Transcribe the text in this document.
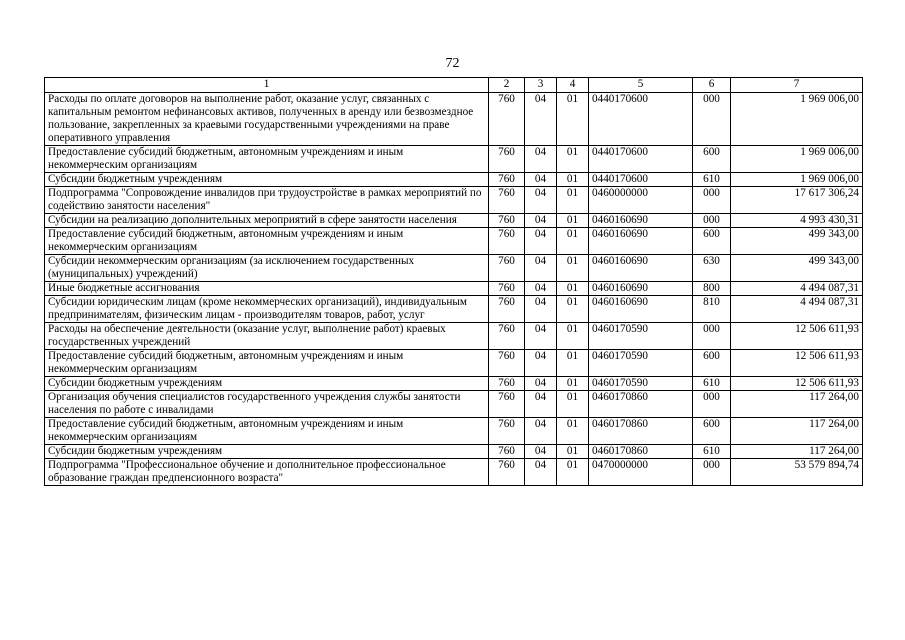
72
1	2	3	4	5	6	7
Расходы по оплате договоров на выполнение работ, оказание услуг, связанных с капитальным ремонтом нефинансовых активов, полученных в аренду или безвозмездное пользование, закрепленных за краевыми государственными учреждениями на праве оперативного управления	760	04	01	0440170600	000	1 969 006,00
Предоставление субсидий бюджетным, автономным учреждениям и иным некоммерческим организациям	760	04	01	0440170600	600	1 969 006,00
Субсидии бюджетным учреждениям	760	04	01	0440170600	610	1 969 006,00
Подпрограмма "Сопровождение инвалидов при трудоустройстве в рамках мероприятий по содействию занятости населения"	760	04	01	0460000000	000	17 617 306,24
Субсидии на реализацию дополнительных мероприятий в сфере занятости населения	760	04	01	0460160690	000	4 993 430,31
Предоставление субсидий бюджетным, автономным учреждениям и иным некоммерческим организациям	760	04	01	0460160690	600	499 343,00
Субсидии некоммерческим организациям (за исключением государственных (муниципальных) учреждений)	760	04	01	0460160690	630	499 343,00
Иные бюджетные ассигнования	760	04	01	0460160690	800	4 494 087,31
Субсидии юридическим лицам (кроме некоммерческих организаций), индивидуальным предпринимателям, физическим лицам - производителям товаров, работ, услуг	760	04	01	0460160690	810	4 494 087,31
Расходы на обеспечение деятельности (оказание услуг, выполнение работ) краевых государственных учреждений	760	04	01	0460170590	000	12 506 611,93
Предоставление субсидий бюджетным, автономным учреждениям и иным некоммерческим организациям	760	04	01	0460170590	600	12 506 611,93
Субсидии бюджетным учреждениям	760	04	01	0460170590	610	12 506 611,93
Организация обучения специалистов государственного учреждения службы занятости населения по работе с инвалидами	760	04	01	0460170860	000	117 264,00
Предоставление субсидий бюджетным, автономным учреждениям и иным некоммерческим организациям	760	04	01	0460170860	600	117 264,00
Субсидии бюджетным учреждениям	760	04	01	0460170860	610	117 264,00
Подпрограмма "Профессиональное обучение и дополнительное профессиональное образование граждан предпенсионного возраста"	760	04	01	0470000000	000	53 579 894,74
